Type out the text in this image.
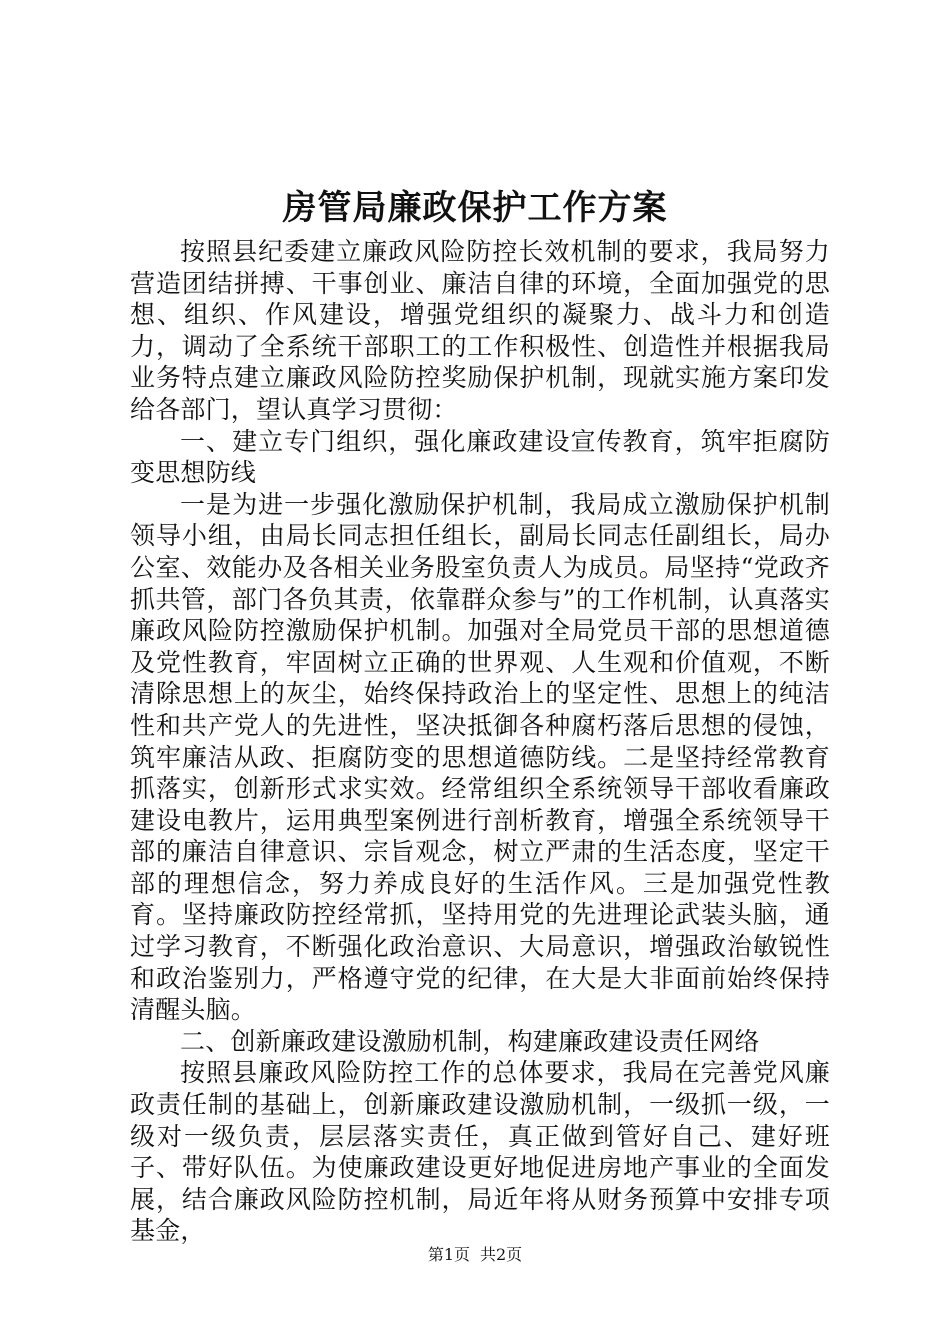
房管局廉政保护工作方案

按照县纪委建立廉政风险防控长效机制的要求，我局努力营造团结拼搏、干事创业、廉洁自律的环境，全面加强党的思想、组织、作风建设，增强党组织的凝聚力、战斗力和创造力，调动了全系统干部职工的工作积极性、创造性并根据我局业务特点建立廉政风险防控奖励保护机制，现就实施方案印发给各部门，望认真学习贯彻：

一、建立专门组织，强化廉政建设宣传教育，筑牢拒腐防变思想防线

一是为进一步强化激励保护机制，我局成立激励保护机制领导小组，由局长同志担任组长，副局长同志任副组长，局办公室、效能办及各相关业务股室负责人为成员。局坚持“党政齐抓共管，部门各负其责，依靠群众参与”的工作机制，认真落实廉政风险防控激励保护机制。加强对全局党员干部的思想道德及党性教育，牢固树立正确的世界观、人生观和价值观，不断清除思想上的灰尘，始终保持政治上的坚定性、思想上的纯洁性和共产党人的先进性，坚决抵御各种腐朽落后思想的侵蚀，筑牢廉洁从政、拒腐防变的思想道德防线。二是坚持经常教育抓落实，创新形式求实效。经常组织全系统领导干部收看廉政建设电教片，运用典型案例进行剖析教育，增强全系统领导干部的廉洁自律意识、宗旨观念，树立严肃的生活态度，坚定干部的理想信念，努力养成良好的生活作风。三是加强党性教育。坚持廉政防控经常抓，坚持用党的先进理论武装头脑，通过学习教育，不断强化政治意识、大局意识，增强政治敏锐性和政治鉴别力，严格遵守党的纪律，在大是大非面前始终保持清醒头脑。

二、创新廉政建设激励机制，构建廉政建设责任网络

按照县廉政风险防控工作的总体要求，我局在完善党风廉政责任制的基础上，创新廉政建设激励机制，一级抓一级，一级对一级负责，层层落实责任，真正做到管好自己、建好班子、带好队伍。为使廉政建设更好地促进房地产事业的全面发展，结合廉政风险防控机制，局近年将从财务预算中安排专项基金，

第1页 共2页
